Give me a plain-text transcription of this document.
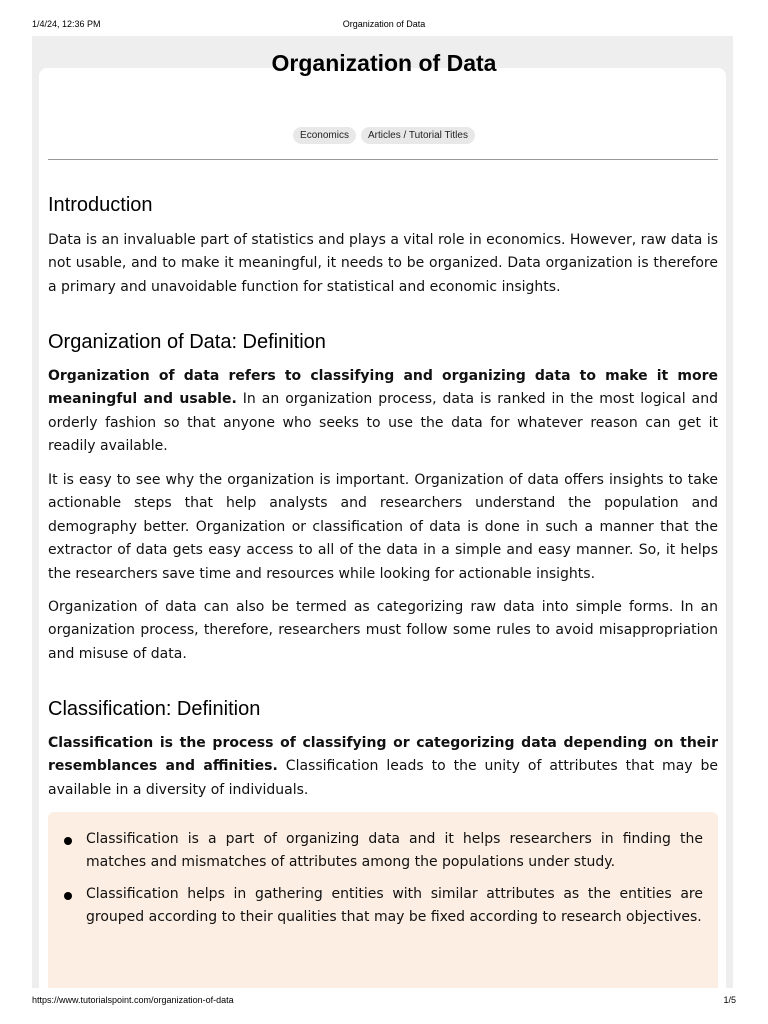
1/4/24, 12:36 PM	Organization of Data
Organization of Data
Economics	Articles / Tutorial Titles
Introduction

Data is an invaluable part of statistics and plays a vital role in economics. However, raw data is not usable, and to make it meaningful, it needs to be organized. Data organization is therefore a primary and unavoidable function for statistical and economic insights.

Organization of Data: Definition

Organization of data refers to classifying and organizing data to make it more meaningful and usable. In an organization process, data is ranked in the most logical and orderly fashion so that anyone who seeks to use the data for whatever reason can get it readily available.

It is easy to see why the organization is important. Organization of data offers insights to take actionable steps that help analysts and researchers understand the population and demography better. Organization or classification of data is done in such a manner that the extractor of data gets easy access to all of the data in a simple and easy manner. So, it helps the researchers save time and resources while looking for actionable insights.

Organization of data can also be termed as categorizing raw data into simple forms. In an organization process, therefore, researchers must follow some rules to avoid misappropriation and misuse of data.

Classification: Definition

Classification is the process of classifying or categorizing data depending on their resemblances and affinities. Classification leads to the unity of attributes that may be available in a diversity of individuals.

Classification is a part of organizing data and it helps researchers in finding the matches and mismatches of attributes among the populations under study.
Classification helps in gathering entities with similar attributes as the entities are grouped according to their qualities that may be fixed according to research objectives.
https://www.tutorialspoint.com/organization-of-data	1/5
